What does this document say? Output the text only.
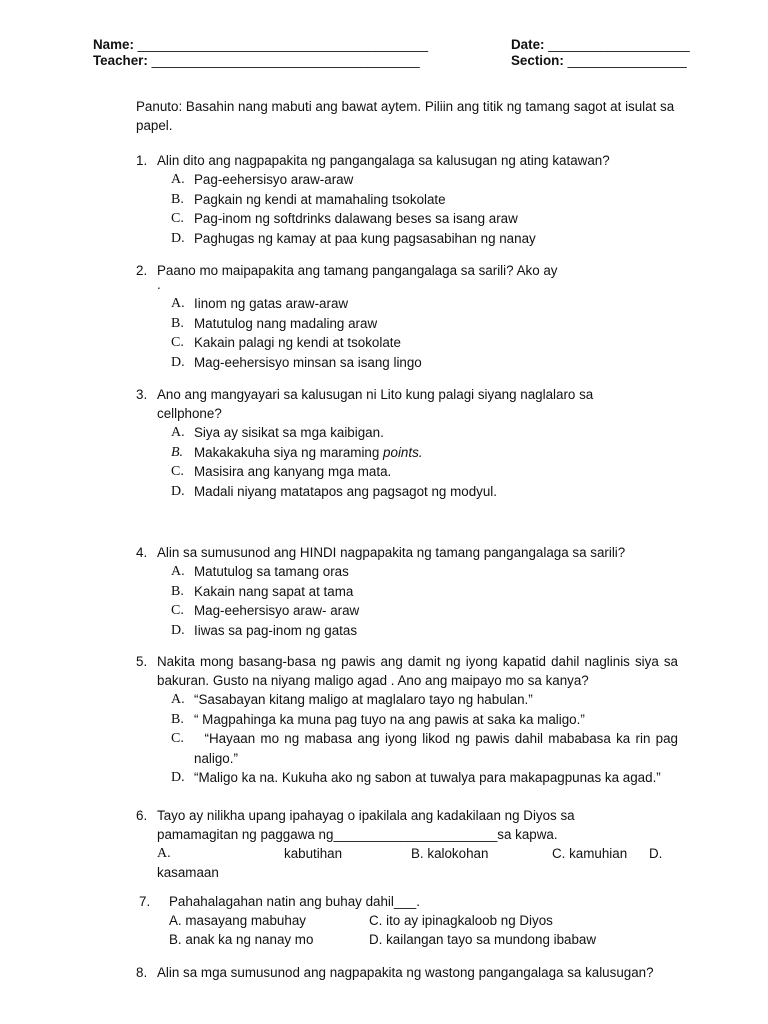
Name: _______________________________________
Teacher: ____________________________________
Date: ___________________
Section: ________________
Panuto: Basahin nang mabuti ang bawat aytem. Piliin ang titik ng tamang sagot at isulat sa papel.
1. Alin dito ang nagpapakita ng pangangalaga sa kalusugan ng ating katawan?
A. Pag-eehersisyo araw-araw
B. Pagkain ng kendi at mamahaling tsokolate
C. Pag-inom ng softdrinks dalawang beses sa isang araw
D. Paghugas ng kamay at paa kung pagsasabihan ng nanay
2. Paano mo maipapakita ang tamang pangangalaga sa sarili? Ako ay
.
A. Iinom ng gatas araw-araw
B. Matutulog nang madaling araw
C. Kakain palagi ng kendi at tsokolate
D. Mag-eehersisyo minsan sa isang lingo
3. Ano ang mangyayari sa kalusugan ni Lito kung palagi siyang naglalaro sa cellphone?
A. Siya ay sisikat sa mga kaibigan.
B. Makakakuha siya ng maraming points.
C. Masisira ang kanyang mga mata.
D. Madali niyang matatapos ang pagsagot ng modyul.
4. Alin sa sumusunod ang HINDI nagpapakita ng tamang pangangalaga sa sarili?
A. Matutulog sa tamang oras
B. Kakain nang sapat at tama
C. Mag-eehersisyo araw- araw
D. Iiwas sa pag-inom ng gatas
5. Nakita mong basang-basa ng pawis ang damit ng iyong kapatid dahil naglinis siya sa bakuran. Gusto na niyang maligo agad . Ano ang maipayo mo sa kanya?
A. “Sasabayan kitang maligo at maglalaro tayo ng habulan.”
B. “ Magpahinga ka muna pag tuyo na ang pawis at saka ka maligo.”
C. “Hayaan mo ng mabasa ang iyong likod ng pawis dahil mababasa ka rin pag naligo.”
D. “Maligo ka na. Kukuha ako ng sabon at tuwalya para makapagpunas ka agad.”
6. Tayo ay nilikha upang ipahayag o ipakilala ang kadakilaan ng Diyos sa
pamamagitan ng paggawa ng______________________sa kapwa.
A.	kabutihan	B. kalokohan	C. kamuhian D.
kasamaan
7. Pahahalagahan natin ang buhay dahil___.
A. masayang mabuhay	C. ito ay ipinagkaloob ng Diyos
B. anak ka ng nanay mo	D. kailangan tayo sa mundong ibabaw
8. Alin sa mga sumusunod ang nagpapakita ng wastong pangangalaga sa kalusugan?
